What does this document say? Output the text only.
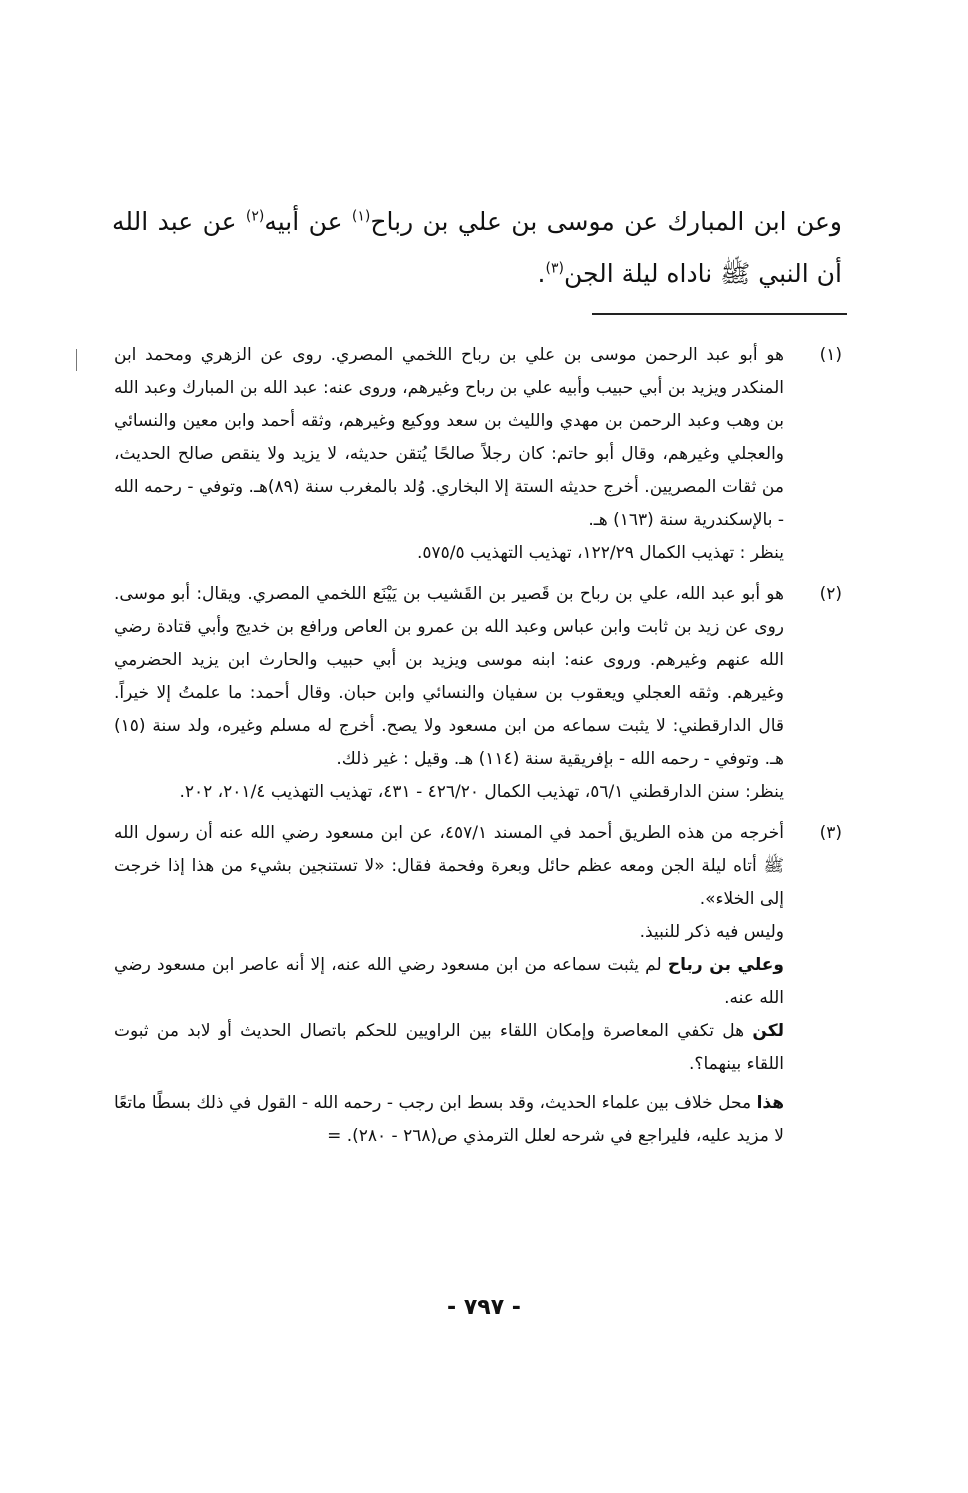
وعن ابن المبارك عن موسى بن علي بن رباح$^{(١)}$ عن أبيه$^{(٢)}$ عن عبد الله أن النبي ﷺ ناداه ليلة الجن$^{(٣)}$.
(١)

هو أبو عبد الرحمن موسى بن علي بن رباح اللخمي المصري. روى عن الزهري ومحمد ابن المنكدر ويزيد بن أبي حبيب وأبيه علي بن رباح وغيرهم، وروى عنه: عبد الله بن المبارك وعبد الله بن وهب وعبد الرحمن بن مهدي والليث بن سعد ووكيع وغيرهم، وثقه أحمد وابن معين والنسائي والعجلي وغيرهم، وقال أبو حاتم: كان رجلاً صالحًا يُتقن حديثه، لا يزيد ولا ينقص صالح الحديث، من ثقات المصريين. أخرج حديثه الستة إلا البخاري. وُلد بالمغرب سنة (٨٩)هـ. وتوفي - رحمه الله - بالإسكندرية سنة (١٦٣) هـ.

ينظر : تهذيب الكمال ١٢٢/٢٩، تهذيب التهذيب ٥٧٥/٥.

(٢)

هو أبو عبد الله، علي بن رباح بن قَصير بن القَشيب بن يَيْنَع اللخمي المصري. ويقال: أبو موسى. روى عن زيد بن ثابت وابن عباس وعبد الله بن عمرو بن العاص ورافع بن خديج وأبي قتادة رضي الله عنهم وغيرهم. وروى عنه: ابنه موسى ويزيد بن أبي حبيب والحارث ابن يزيد الحضرمي وغيرهم. وثقه العجلي ويعقوب بن سفيان والنسائي وابن حبان. وقال أحمد: ما علمتُ إلا خيراً. قال الدارقطني: لا يثبت سماعه من ابن مسعود ولا يصح. أخرج له مسلم وغيره، ولد سنة (١٥) هـ. وتوفي - رحمه الله - بإفريقية سنة (١١٤) هـ. وقيل : غير ذلك.

ينظر: سنن الدارقطني ٥٦/١، تهذيب الكمال ٤٢٦/٢٠ - ٤٣١، تهذيب التهذيب ٢٠١/٤، ٢٠٢.

(٣)

أخرجه من هذه الطريق أحمد في المسند ٤٥٧/١، عن ابن مسعود رضي الله عنه أن رسول الله ﷺ أتاه ليلة الجن ومعه عظم حائل وبعرة وفحمة فقال: «لا تستنجين بشيء من هذا إذا خرجت إلى الخلاء».

وليس فيه ذكر للنبيذ.

وعلي بن رباح لم يثبت سماعه من ابن مسعود رضي الله عنه، إلا أنه عاصر ابن مسعود رضي الله عنه.

لكن هل تكفي المعاصرة وإمكان اللقاء بين الراويين للحكم باتصال الحديث أو لابد من ثبوت اللقاء بينهما؟.

هذا محل خلاف بين علماء الحديث، وقد بسط ابن رجب - رحمه الله - القول في ذلك بسطًا ماتعًا لا مزيد عليه، فليراجع في شرحه لعلل الترمذي ص(٢٦٨ - ٢٨٠). =

- ٧٩٧ -
